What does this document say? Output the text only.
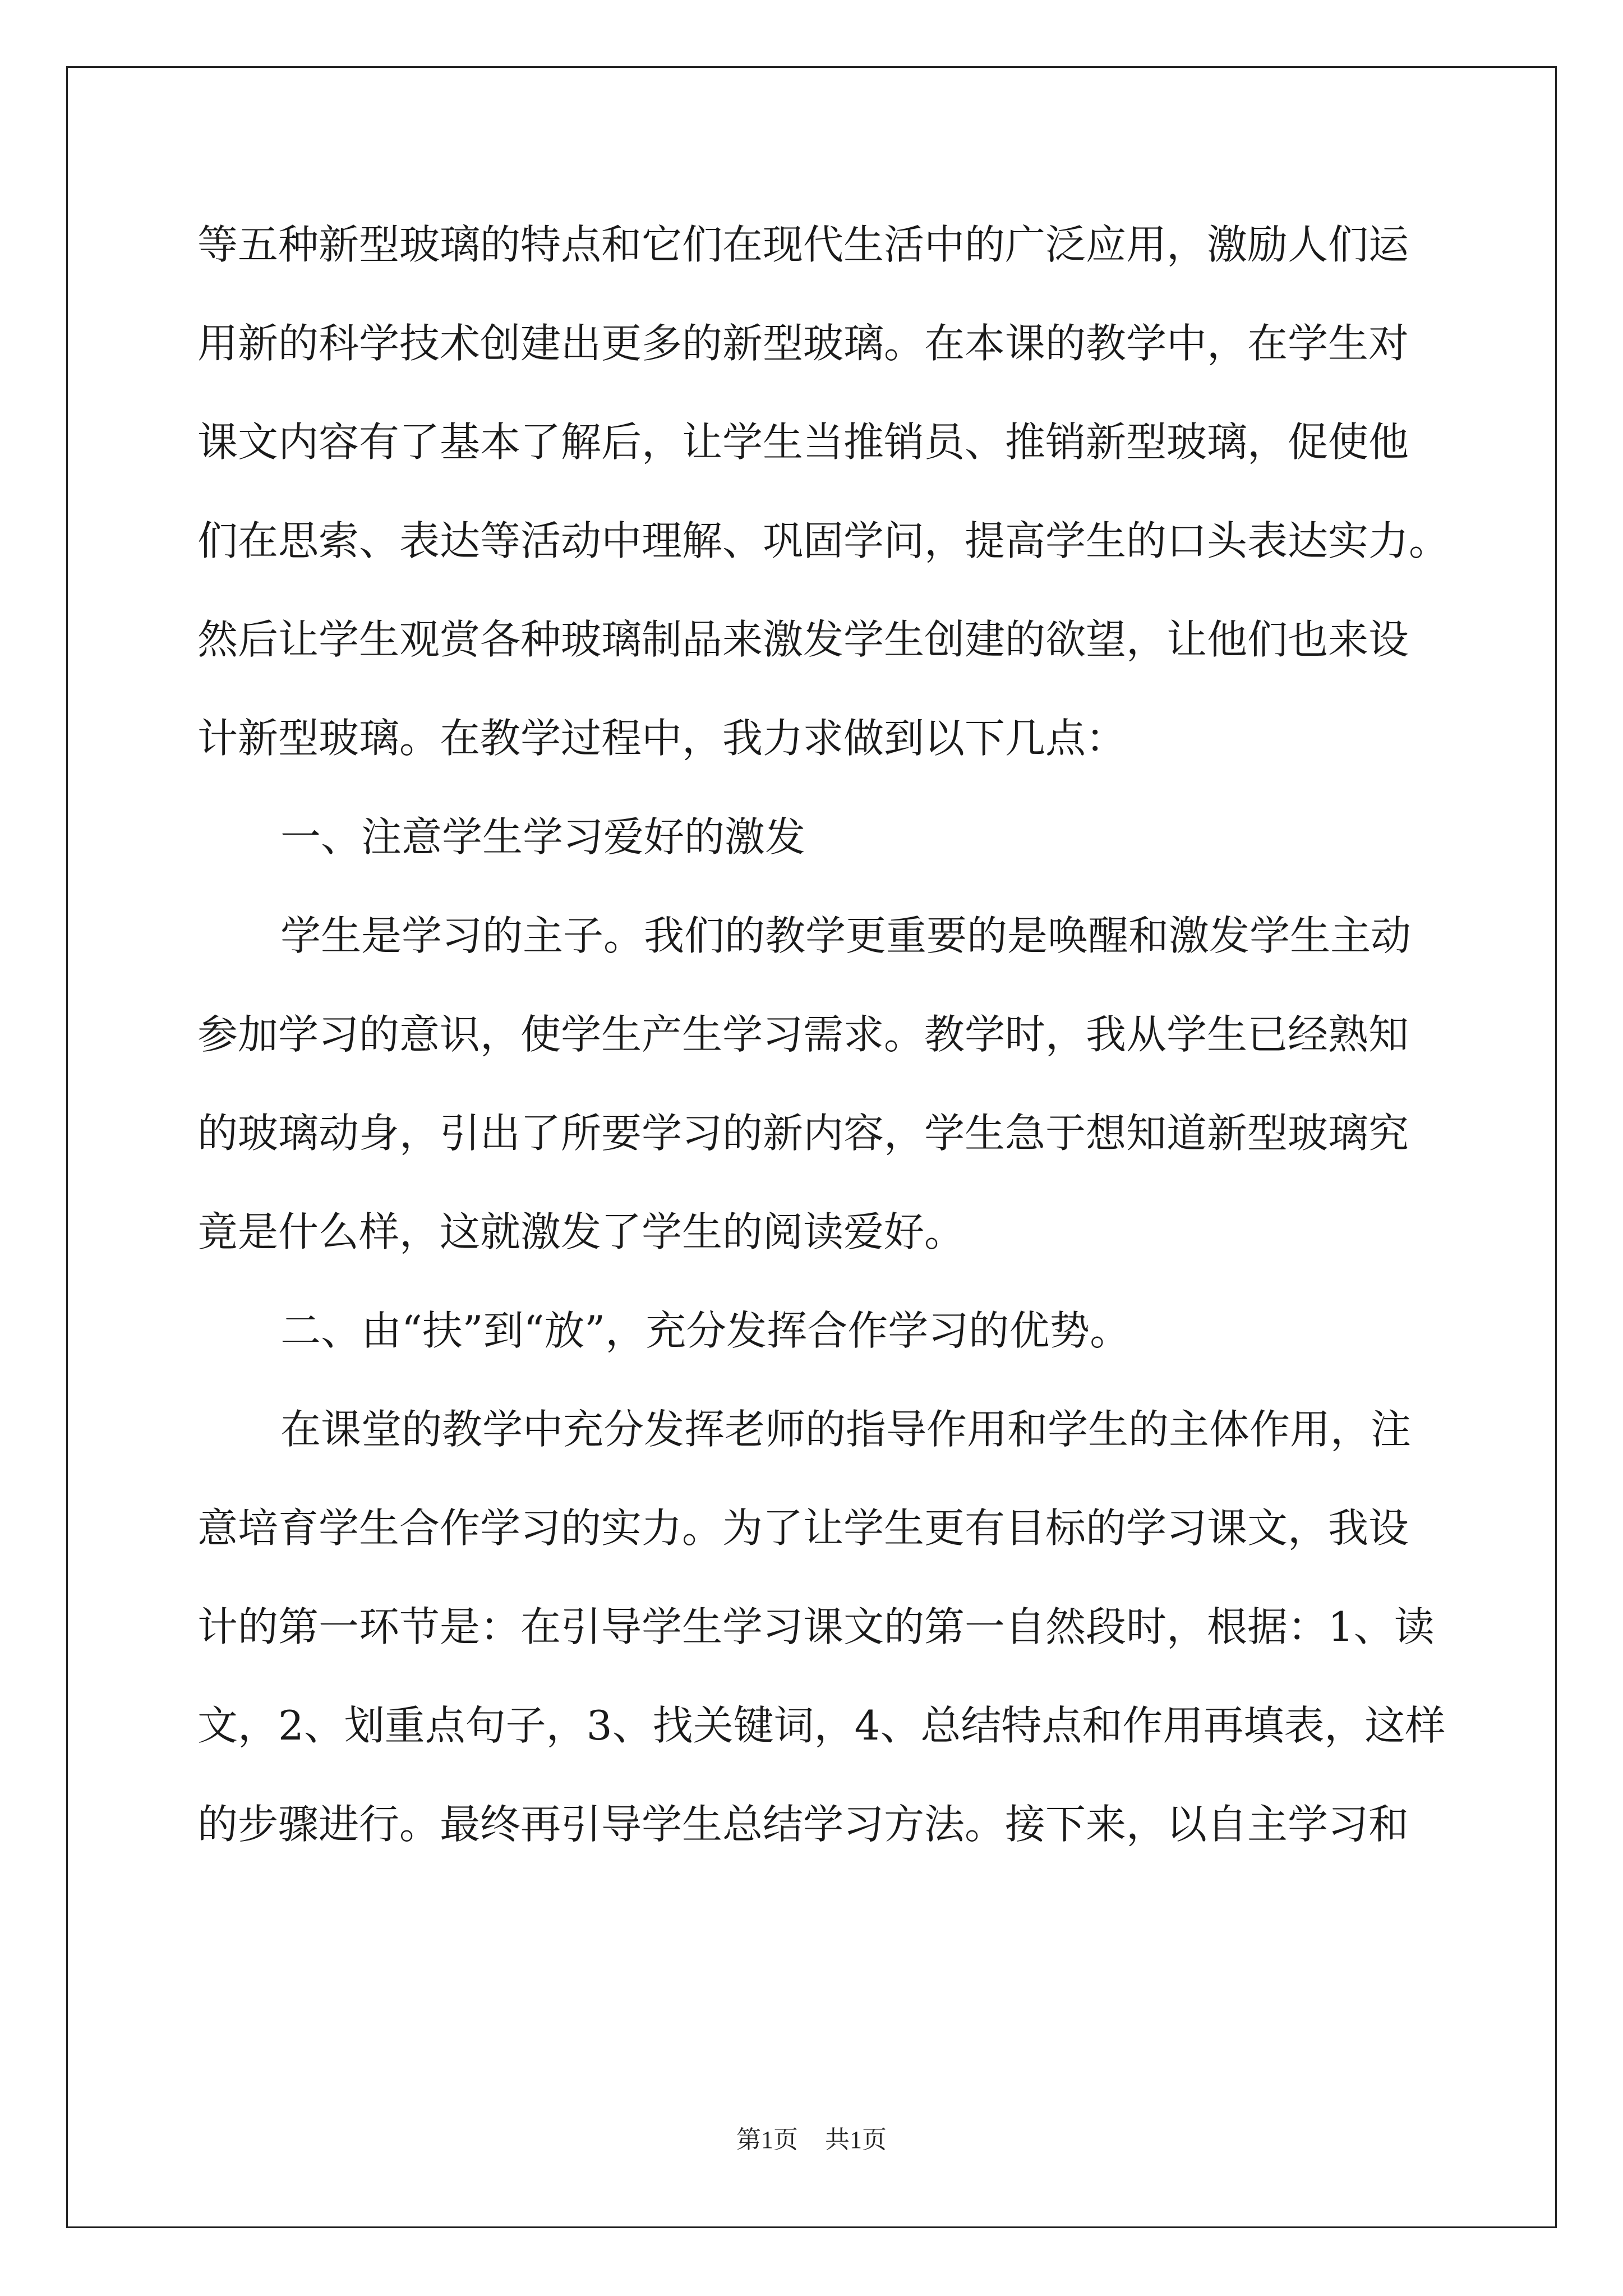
等五种新型玻璃的特点和它们在现代生活中的广泛应用，激励人们运

用新的科学技术创建出更多的新型玻璃。在本课的教学中，在学生对

课文内容有了基本了解后，让学生当推销员、推销新型玻璃，促使他

们在思索、表达等活动中理解、巩固学问，提高学生的口头表达实力。

然后让学生观赏各种玻璃制品来激发学生创建的欲望，让他们也来设

计新型玻璃。在教学过程中，我力求做到以下几点：

一、注意学生学习爱好的激发

学生是学习的主子。我们的教学更重要的是唤醒和激发学生主动

参加学习的意识，使学生产生学习需求。教学时，我从学生已经熟知

的玻璃动身，引出了所要学习的新内容，学生急于想知道新型玻璃究

竟是什么样，这就激发了学生的阅读爱好。

二、由“扶”到“放”，充分发挥合作学习的优势。

在课堂的教学中充分发挥老师的指导作用和学生的主体作用，注

意培育学生合作学习的实力。为了让学生更有目标的学习课文，我设

计的第一环节是：在引导学生学习课文的第一自然段时，根据：1、读

文，2、划重点句子，3、找关键词，4、总结特点和作用再填表，这样

的步骤进行。最终再引导学生总结学习方法。接下来，以自主学习和

第1页 共1页
